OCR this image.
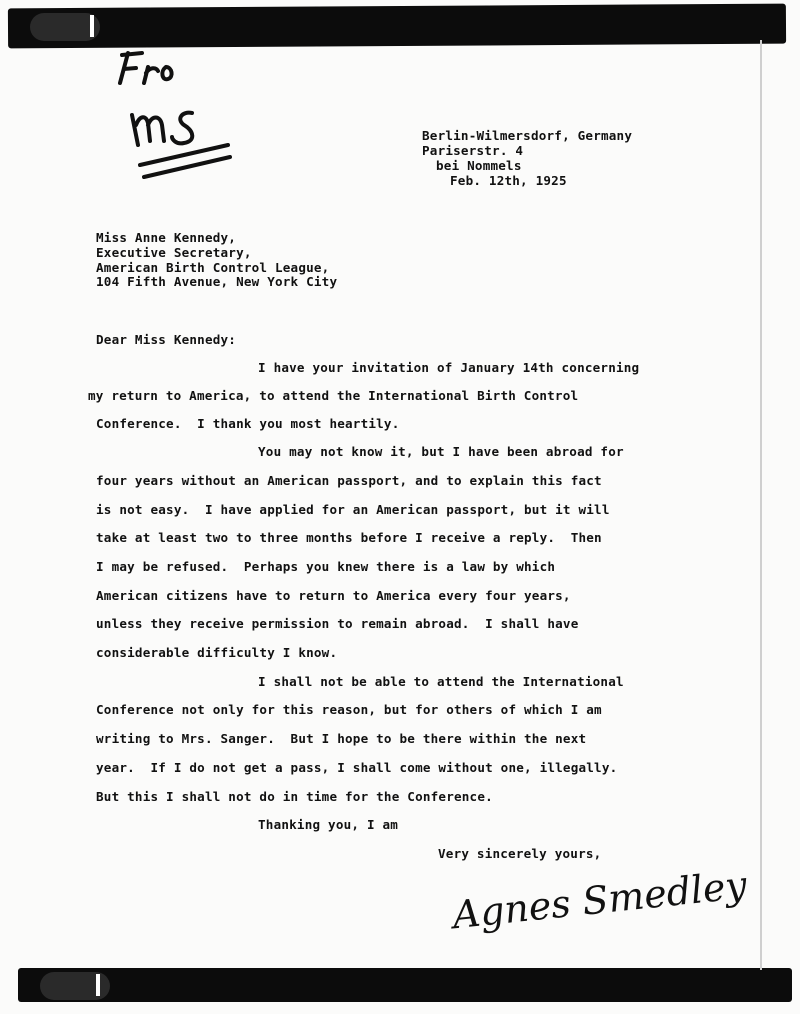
Berlin-Wilmersdorf, Germany
Pariserstr. 4
bei Nommels
Feb. 12th, 1925
Miss Anne Kennedy,
Executive Secretary,
American Birth Control League,
104 Fifth Avenue, New York City
Dear Miss Kennedy:
I have your invitation of January 14th concerning
my return to America, to attend the International Birth Control
Conference.  I thank you most heartily.
You may not know it, but I have been abroad for
four years without an American passport, and to explain this fact
is not easy.  I have applied for an American passport, but it will
take at least two to three months before I receive a reply.  Then
I may be refused.  Perhaps you knew there is a law by which
American citizens have to return to America every four years,
unless they receive permission to remain abroad.  I shall have
considerable difficulty I know.
I shall not be able to attend the International
Conference not only for this reason, but for others of which I am
writing to Mrs. Sanger.  But I hope to be there within the next
year.  If I do not get a pass, I shall come without one, illegally.
But this I shall not do in time for the Conference.
Thanking you, I am
Very sincerely yours,
Agnes Smedley
